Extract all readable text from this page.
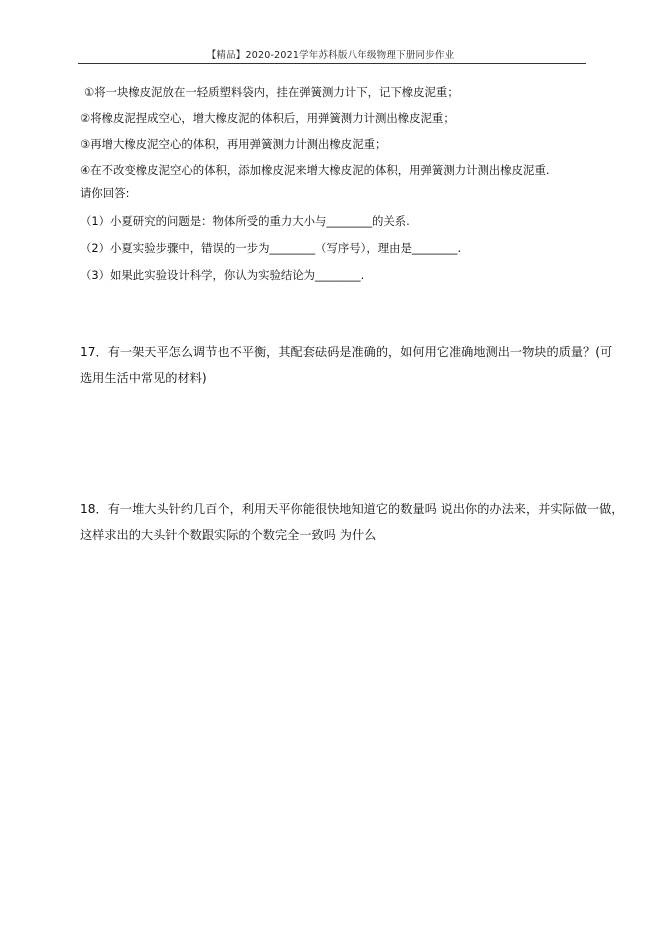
【精品】2020-2021学年苏科版八年级物理下册同步作业
①将一块橡皮泥放在一轻质塑料袋内，挂在弹簧测力计下，记下橡皮泥重；
②将橡皮泥捏成空心，增大橡皮泥的体积后，用弹簧测力计测出橡皮泥重；
③再增大橡皮泥空心的体积，再用弹簧测力计测出橡皮泥重；
④在不改变橡皮泥空心的体积，添加橡皮泥来增大橡皮泥的体积，用弹簧测力计测出橡皮泥重.
请你回答:
（1）小夏研究的问题是：物体所受的重力大小与________的关系.
（2）小夏实验步骤中，错误的一步为________（写序号），理由是________.
（3）如果此实验设计科学，你认为实验结论为________.
17．有一架天平怎么调节也不平衡，其配套砝码是准确的，如何用它准确地测出一物块的质量？(可
选用生活中常见的材料)
18．有一堆大头针约几百个，利用天平你能很快地知道它的数量吗 说出你的办法来，并实际做一做，
这样求出的大头针个数跟实际的个数完全一致吗 为什么
